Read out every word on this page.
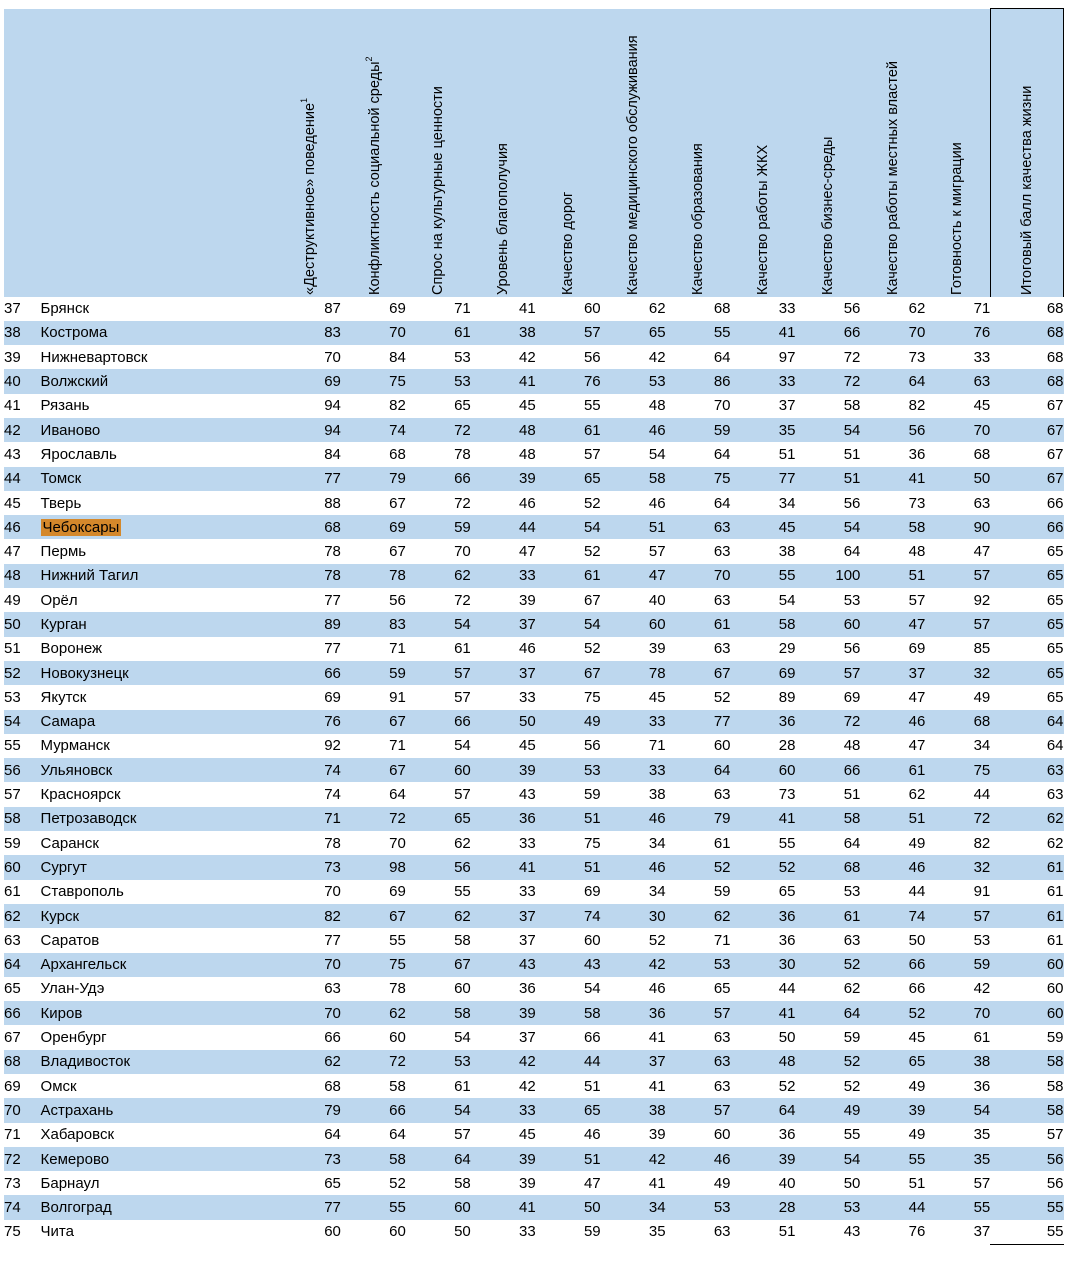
		«Деструктивное» поведение$^1$	Конфликтность социальной среды$^2$	Спрос на культурные ценности	Уровень благополучия	Качество дорог	Качество медицинского обслуживания	Качество образования	Качество работы ЖКХ	Качество бизнес-среды	Качество работы местных властей	Готовность к миграции	Итоговый балл качества жизни

37	Брянск	87	69	71	41	60	62	68	33	56	62	71	68
38	Кострома	83	70	61	38	57	65	55	41	66	70	76	68
39	Нижневартовск	70	84	53	42	56	42	64	97	72	73	33	68
40	Волжский	69	75	53	41	76	53	86	33	72	64	63	68
41	Рязань	94	82	65	45	55	48	70	37	58	82	45	67
42	Иваново	94	74	72	48	61	46	59	35	54	56	70	67
43	Ярославль	84	68	78	48	57	54	64	51	51	36	68	67
44	Томск	77	79	66	39	65	58	75	77	51	41	50	67
45	Тверь	88	67	72	46	52	46	64	34	56	73	63	66
46	Чебоксары	68	69	59	44	54	51	63	45	54	58	90	66
47	Пермь	78	67	70	47	52	57	63	38	64	48	47	65
48	Нижний Тагил	78	78	62	33	61	47	70	55	100	51	57	65
49	Орёл	77	56	72	39	67	40	63	54	53	57	92	65
50	Курган	89	83	54	37	54	60	61	58	60	47	57	65
51	Воронеж	77	71	61	46	52	39	63	29	56	69	85	65
52	Новокузнецк	66	59	57	37	67	78	67	69	57	37	32	65
53	Якутск	69	91	57	33	75	45	52	89	69	47	49	65
54	Самара	76	67	66	50	49	33	77	36	72	46	68	64
55	Мурманск	92	71	54	45	56	71	60	28	48	47	34	64
56	Ульяновск	74	67	60	39	53	33	64	60	66	61	75	63
57	Красноярск	74	64	57	43	59	38	63	73	51	62	44	63
58	Петрозаводск	71	72	65	36	51	46	79	41	58	51	72	62
59	Саранск	78	70	62	33	75	34	61	55	64	49	82	62
60	Сургут	73	98	56	41	51	46	52	52	68	46	32	61
61	Ставрополь	70	69	55	33	69	34	59	65	53	44	91	61
62	Курск	82	67	62	37	74	30	62	36	61	74	57	61
63	Саратов	77	55	58	37	60	52	71	36	63	50	53	61
64	Архангельск	70	75	67	43	43	42	53	30	52	66	59	60
65	Улан-Удэ	63	78	60	36	54	46	65	44	62	66	42	60
66	Киров	70	62	58	39	58	36	57	41	64	52	70	60
67	Оренбург	66	60	54	37	66	41	63	50	59	45	61	59
68	Владивосток	62	72	53	42	44	37	63	48	52	65	38	58
69	Омск	68	58	61	42	51	41	63	52	52	49	36	58
70	Астрахань	79	66	54	33	65	38	57	64	49	39	54	58
71	Хабаровск	64	64	57	45	46	39	60	36	55	49	35	57
72	Кемерово	73	58	64	39	51	42	46	39	54	55	35	56
73	Барнаул	65	52	58	39	47	41	49	40	50	51	57	56
74	Волгоград	77	55	60	41	50	34	53	28	53	44	55	55
75	Чита	60	60	50	33	59	35	63	51	43	76	37	55
